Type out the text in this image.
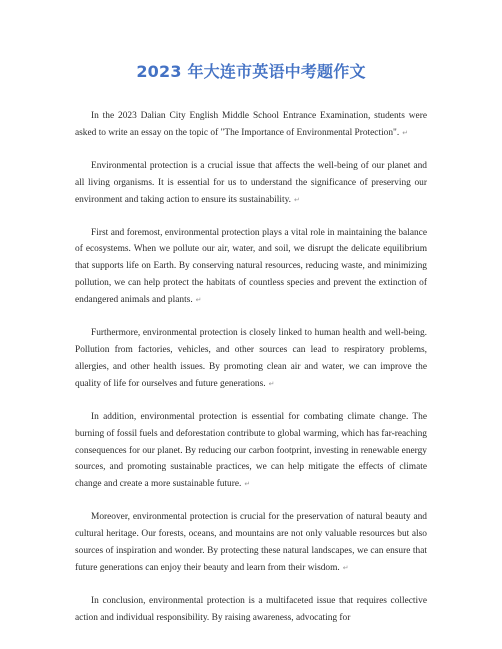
2023 年大连市英语中考题作文

In the 2023 Dalian City English Middle School Entrance Examination, students were asked to write an essay on the topic of "The Importance of Environmental Protection". ↵

Environmental protection is a crucial issue that affects the well-being of our planet and all living organisms. It is essential for us to understand the significance of preserving our environment and taking action to ensure its sustainability. ↵

First and foremost, environmental protection plays a vital role in maintaining the balance of ecosystems. When we pollute our air, water, and soil, we disrupt the delicate equilibrium that supports life on Earth. By conserving natural resources, reducing waste, and minimizing pollution, we can help protect the habitats of countless species and prevent the extinction of endangered animals and plants. ↵

Furthermore, environmental protection is closely linked to human health and well-being. Pollution from factories, vehicles, and other sources can lead to respiratory problems, allergies, and other health issues. By promoting clean air and water, we can improve the quality of life for ourselves and future generations. ↵

In addition, environmental protection is essential for combating climate change. The burning of fossil fuels and deforestation contribute to global warming, which has far-reaching consequences for our planet. By reducing our carbon footprint, investing in renewable energy sources, and promoting sustainable practices, we can help mitigate the effects of climate change and create a more sustainable future. ↵

Moreover, environmental protection is crucial for the preservation of natural beauty and cultural heritage. Our forests, oceans, and mountains are not only valuable resources but also sources of inspiration and wonder. By protecting these natural landscapes, we can ensure that future generations can enjoy their beauty and learn from their wisdom. ↵

In conclusion, environmental protection is a multifaceted issue that requires collective action and individual responsibility. By raising awareness, advocating for
